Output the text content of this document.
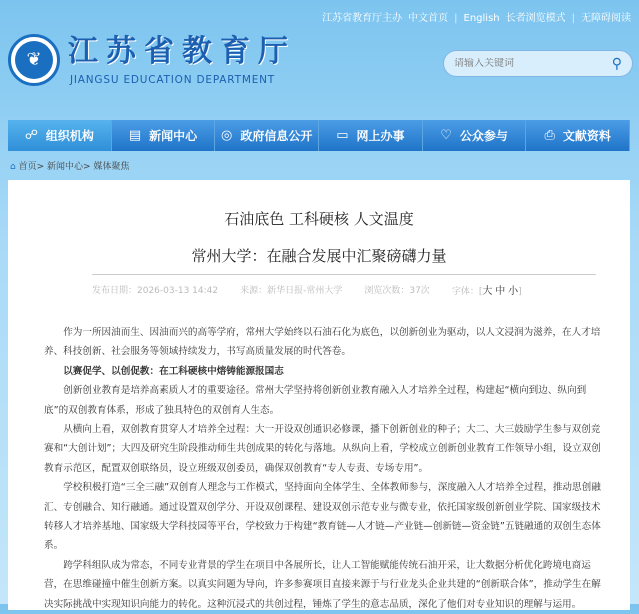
江苏省教育厅主办 中文首页 | English 长者浏览模式 | 无障碍阅读
❦ 江苏省教育厅
JIANGSU EDUCATION DEPARTMENT
请输入关键词
⚲
☍ 组织机构	▤ 新闻中心 ◎ 政府信息公开 ▭ 网上办事	♡ 公众参与	⎙ 文献资料
⌂ 首页> 新闻中心> 媒体聚焦
石油底色 工科硬核 人文温度
常州大学：在融合发展中汇聚磅礴力量
发布日期：2026-03-13 14:42 来源：新华日报-常州大学 浏览次数：37次 字体：[大 中 小]

作为一所因油而生、因油而兴的高等学府，常州大学始终以石油石化为底色，以创新创业为驱动，以人文浸润为滋养，在人才培养、科技创新、社会服务等领域持续发力，书写高质量发展的时代答卷。

以赛促学、以创促教：在工科硬核中熔铸能源报国志

创新创业教育是培养高素质人才的重要途径。常州大学坚持将创新创业教育融入人才培养全过程，构建起“横向到边、纵向到底”的双创教育体系，形成了独具特色的双创育人生态。

从横向上看，双创教育贯穿人才培养全过程：大一开设双创通识必修课，播下创新创业的种子；大二、大三鼓励学生参与双创竞赛和“大创计划”；大四及研究生阶段推动师生共创成果的转化与落地。从纵向上看，学校成立创新创业教育工作领导小组，设立双创教育示范区，配置双创联络员，设立班级双创委员，确保双创教育“专人专责、专场专用”。

学校积极打造“三全三融”双创育人理念与工作模式，坚持面向全体学生、全体教师参与，深度融入人才培养全过程，推动思创融汇、专创融合、知行融通。通过设置双创学分、开设双创课程、建设双创示范专业与微专业，依托国家级创新创业学院、国家级技术转移人才培养基地、国家级大学科技园等平台，学校致力于构建“教育链—人才链—产业链—创新链—资金链”五链融通的双创生态体系。

跨学科组队成为常态，不同专业背景的学生在项目中各展所长，让人工智能赋能传统石油开采，让大数据分析优化跨境电商运营，在思维碰撞中催生创新方案。以真实问题为导向，许多参赛项目直接来源于与行业龙头企业共建的“创新联合体”，推动学生在解决实际挑战中实现知识向能力的转化。这种沉浸式的共创过程，锤炼了学生的意志品质，深化了他们对专业知识的理解与运用。
